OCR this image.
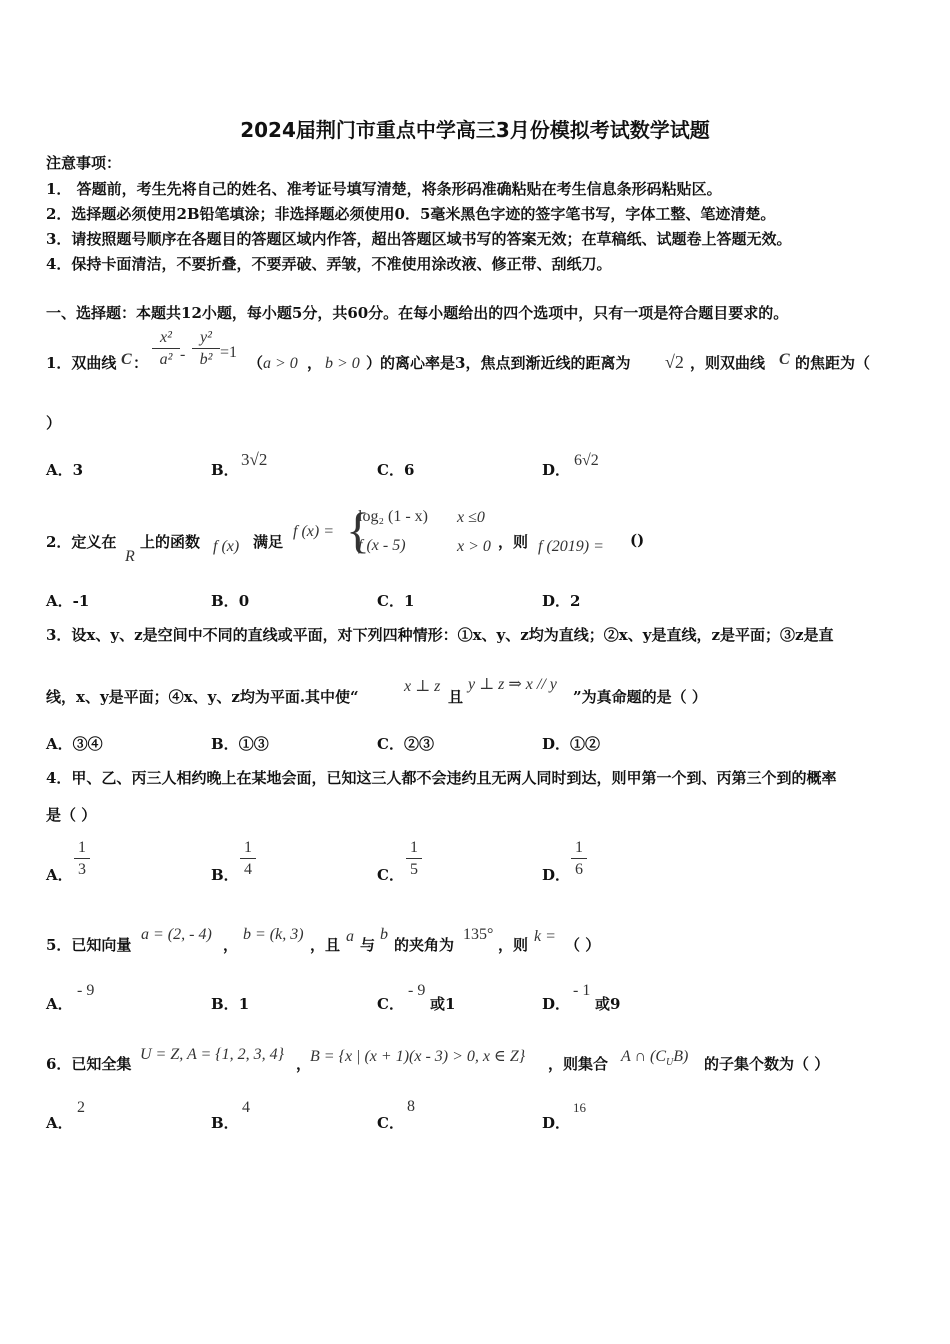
2024届荆门市重点中学高三3月份模拟考试数学试题
注意事项：
1． 答题前，考生先将自己的姓名、准考证号填写清楚，将条形码准确粘贴在考生信息条形码粘贴区。
2．选择题必须使用2B铅笔填涂；非选择题必须使用0．5毫米黑色字迹的签字笔书写，字体工整、笔迹清楚。
3．请按照题号顺序在各题目的答题区域内作答，超出答题区域书写的答案无效；在草稿纸、试题卷上答题无效。
4．保持卡面清洁，不要折叠，不要弄破、弄皱，不准使用涂改液、修正带、刮纸刀。
一、选择题：本题共12小题，每小题5分，共60分。在每小题给出的四个选项中，只有一项是符合题目要求的。
1．双曲线 C ： $\frac{\text{x²}}{\text{a²}} - \frac{\text{y²}}{\text{b²}} =1$
（ a > 0 ， b > 0 ）
的离心率是3，焦点到渐近线的距离为 √2 ，则双曲线 C 的焦距为（
）
A．3	B．
3√2
C．6	D．
6√2
2．定义在
R
上的函数 f (x) 满足
f (x) = {
log₂ (1 - x) x ≤0
f (x - 5)	x > 0 ，则 f (2019) = ()
A．-1	B．0	C．1	D．2
3．设x、y、z是空间中不同的直线或平面，对下列四种情形：①x、y、z均为直线；②x、y是直线，z是平面；③z是直
线，x、y是平面；④x、y、z均为平面.其中使“
x ⊥ z
且
y ⊥ z ⇒ x // y
”为真命题的是（ ）
A．③④	B．①③	C．②③	D．①②
4．甲、乙、丙三人相约晚上在某地会面，已知这三人都不会违约且无两人同时到达，则甲第一个到、丙第三个到的概率
是（ ）
A． $\frac{1}{3}$	B． $\frac{1}{4}$	C． $\frac{1}{5}$	D． $\frac{1}{6}$
5．已知向量
a = (2, - 4)
，
b = (k, 3)
，且 a 与
b
的夹角为
135°
，则 k = （ ）
A．
- 9
B．1	C．
- 9
或1	D．
- 1
或9
6．已知全集
U = Z, A = {1, 2, 3, 4}
，
B = {x | (x + 1)(x - 3) > 0, x ∈ Z} ，则集合 A ∩ $(C_UB)$ 的子集个数为（ ）
A．
2
B．
4
C．
8
D．
16
